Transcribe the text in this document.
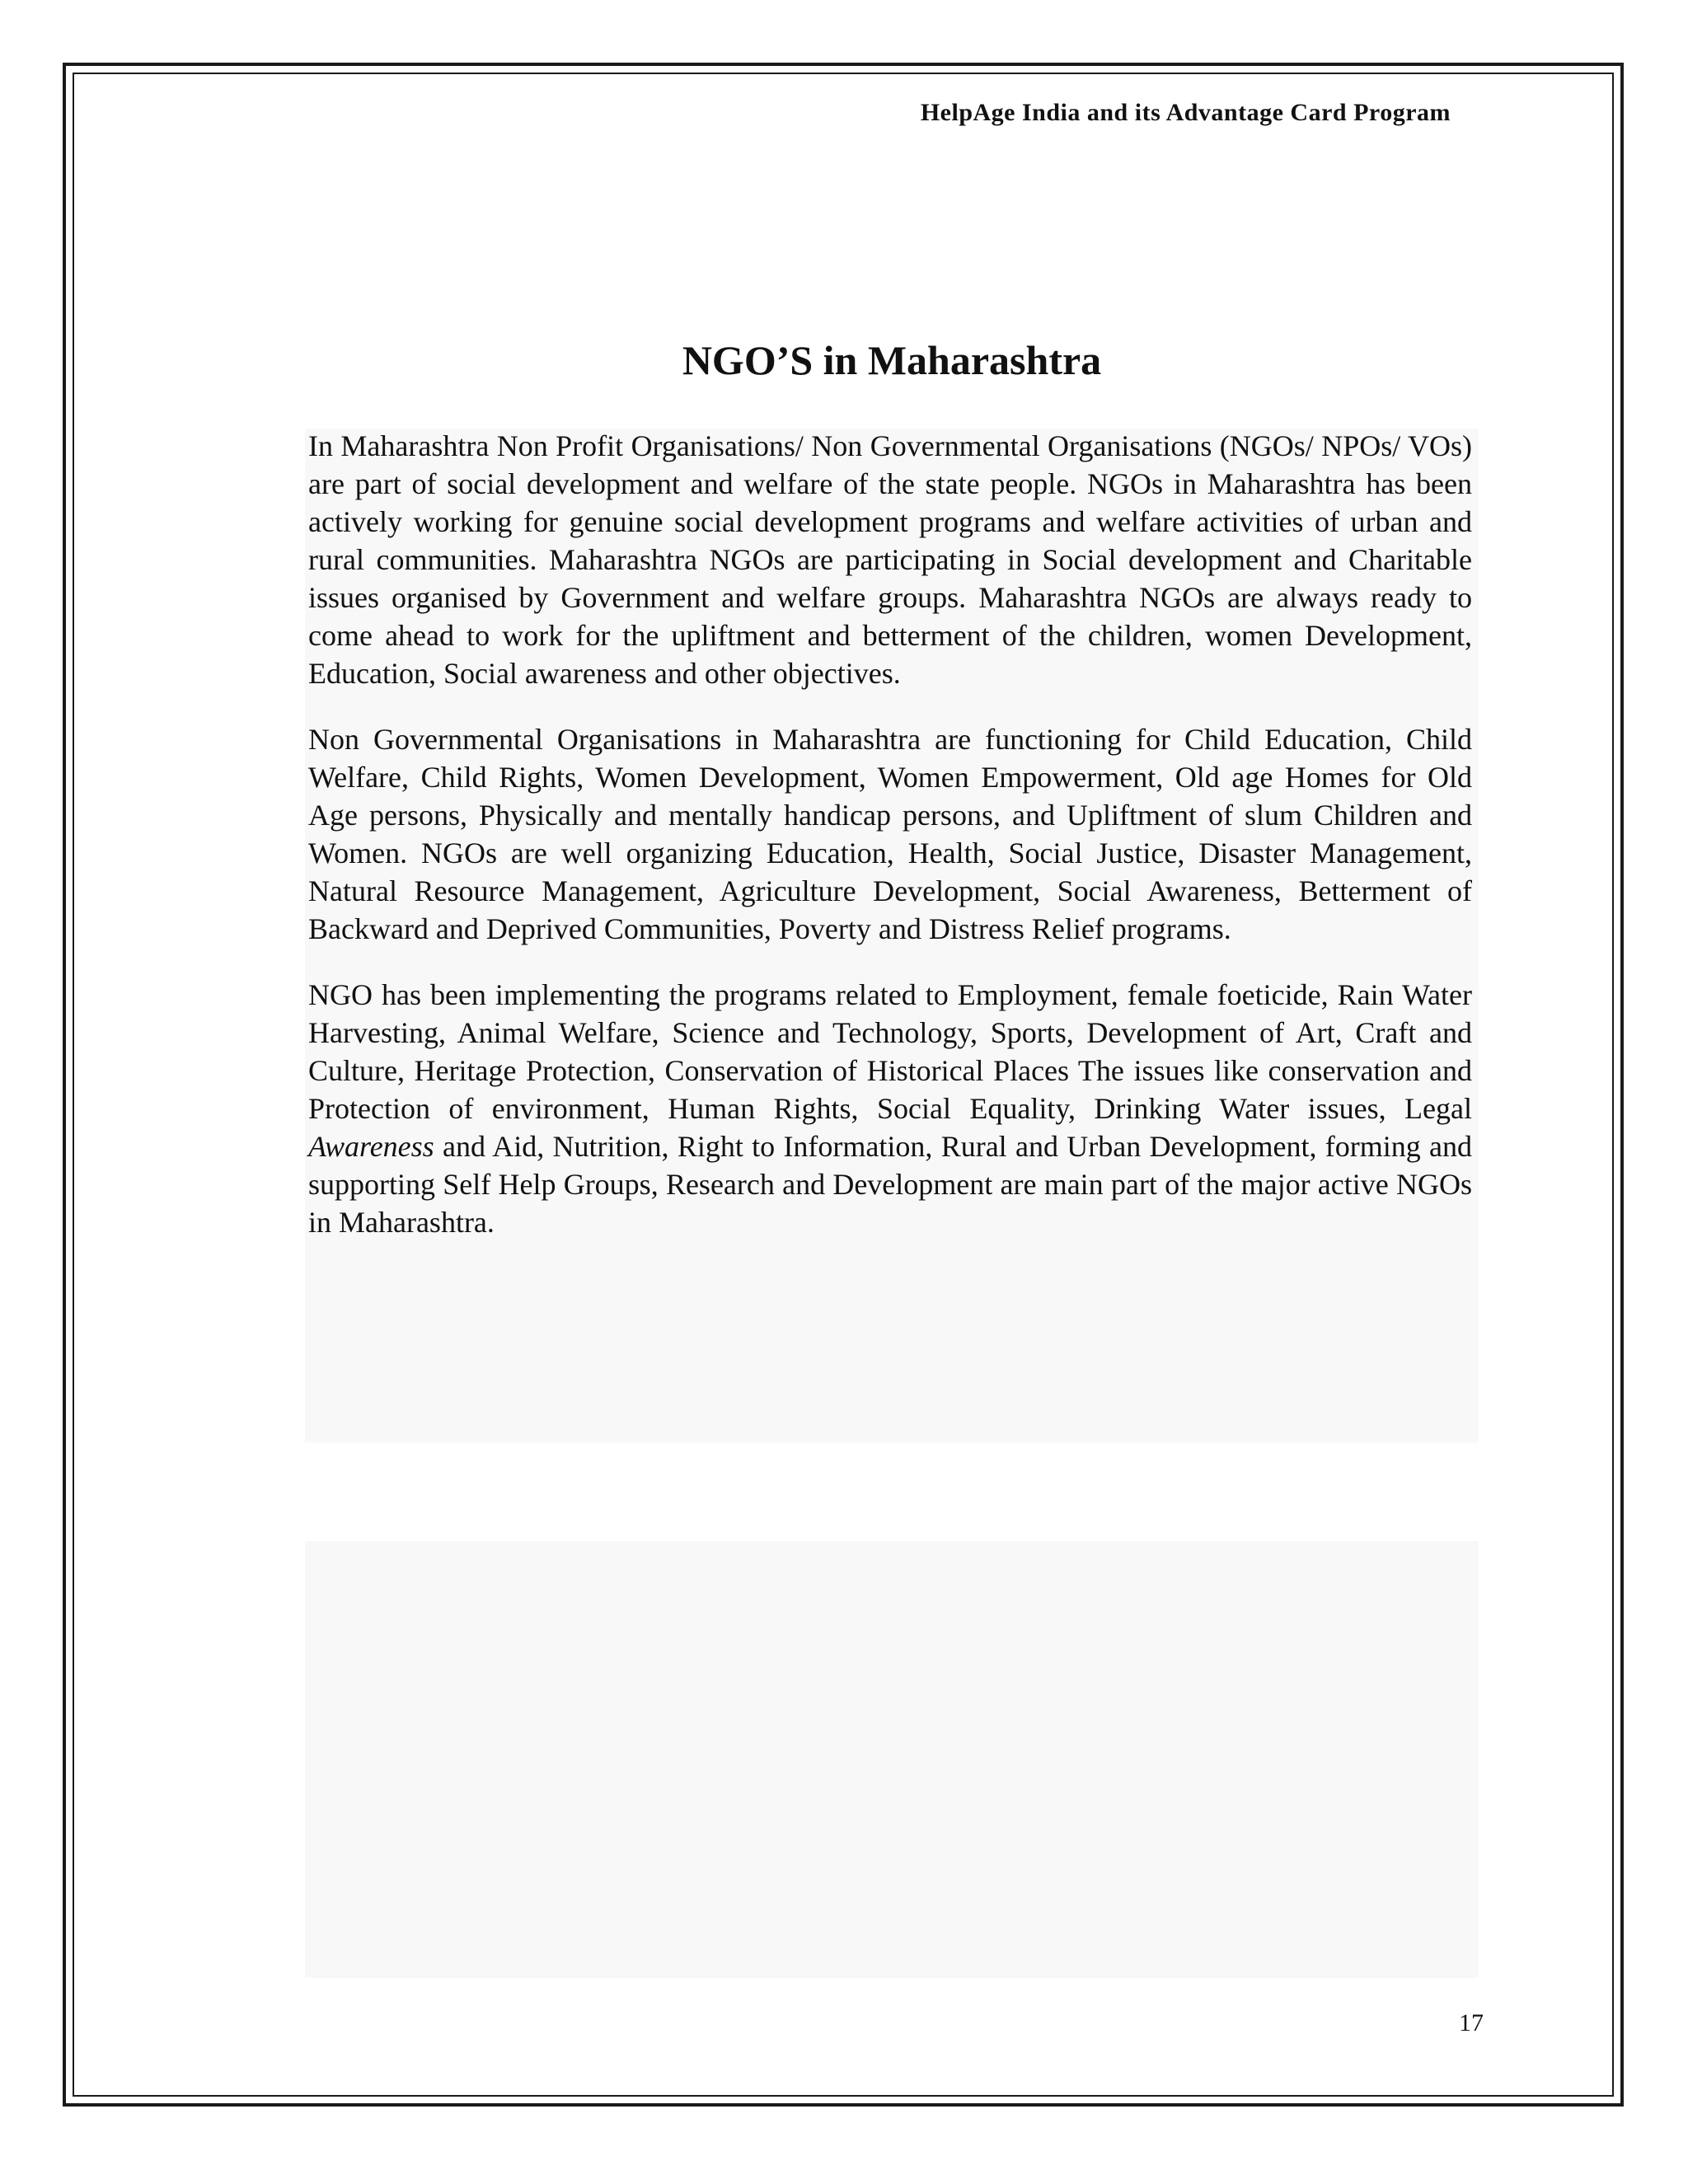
HelpAge India and its Advantage Card Program
NGO’S in Maharashtra

In Maharashtra Non Profit Organisations/ Non Governmental Organisations (NGOs/ NPOs/ VOs) are part of social development and welfare of the state people. NGOs in Maharashtra has been actively working for genuine social development programs and welfare activities of urban and rural communities. Maharashtra NGOs are participating in Social development and Charitable issues organised by Government and welfare groups. Maharashtra NGOs are always ready to come ahead to work for the upliftment and betterment of the children, women Development, Education, Social awareness and other objectives.

Non Governmental Organisations in Maharashtra are functioning for Child Education, Child Welfare, Child Rights, Women Development, Women Empowerment, Old age Homes for Old Age persons, Physically and mentally handicap persons, and Upliftment of slum Children and Women. NGOs are well organizing Education, Health, Social Justice, Disaster Management, Natural Resource Management, Agriculture Development, Social Awareness, Betterment of Backward and Deprived Communities, Poverty and Distress Relief programs.

NGO has been implementing the programs related to Employment, female foeticide, Rain Water Harvesting, Animal Welfare, Science and Technology, Sports, Development of Art, Craft and Culture, Heritage Protection, Conservation of Historical Places The issues like conservation and Protection of environment, Human Rights, Social Equality, Drinking Water issues, Legal Awareness and Aid, Nutrition, Right to Information, Rural and Urban Development, forming and supporting Self Help Groups, Research and Development are main part of the major active NGOs in Maharashtra.

17
